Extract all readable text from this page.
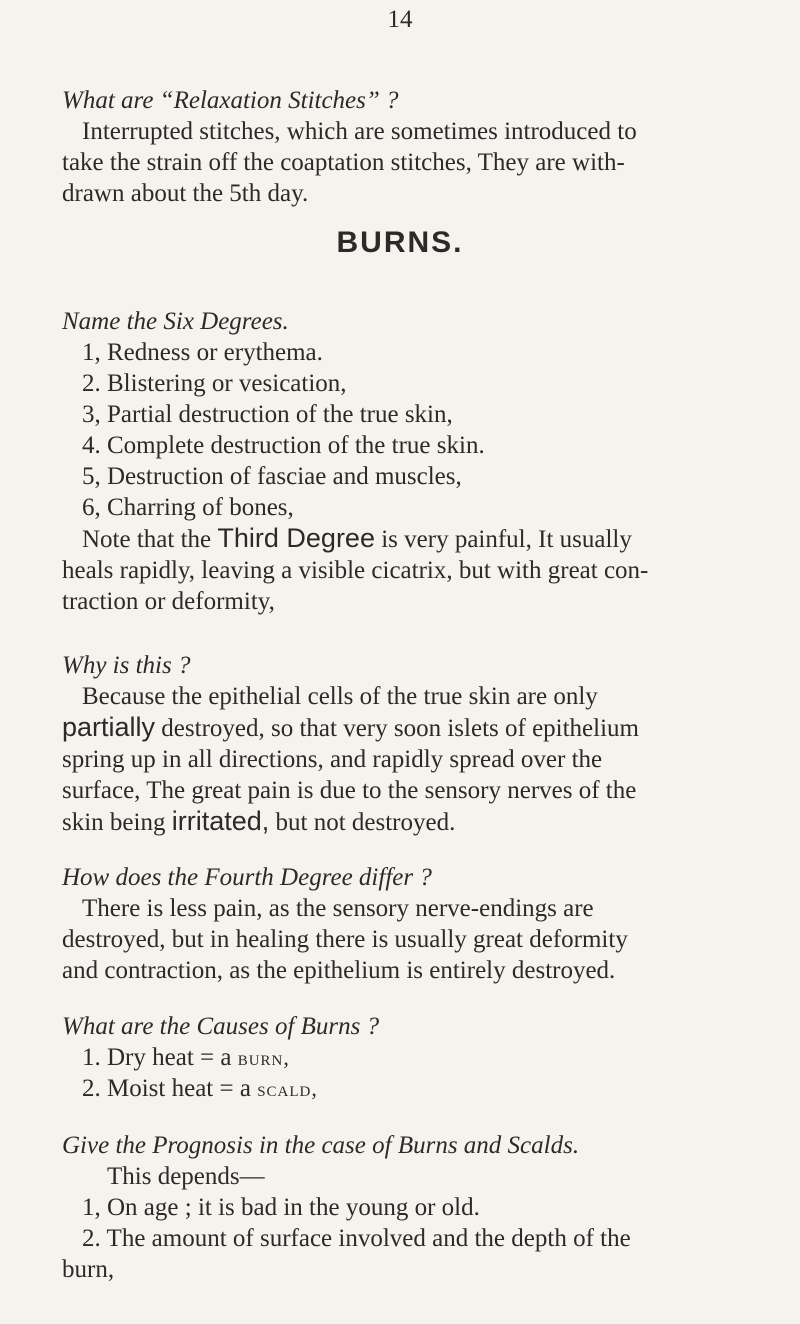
14
What are “Relaxation Stitches” ?
Interrupted stitches, which are sometimes introduced to
take the strain off the coaptation stitches, They are with-
drawn about the 5th day.
BURNS.
Name the Six Degrees.
1, Redness or erythema.
2. Blistering or vesication,
3, Partial destruction of the true skin,
4. Complete destruction of the true skin.
5, Destruction of fasciae and muscles,
6, Charring of bones,
Note that the Third Degree is very painful, It usually
heals rapidly, leaving a visible cicatrix, but with great con-
traction or deformity,
Why is this ?
Because the epithelial cells of the true skin are only
partially destroyed, so that very soon islets of epithelium
spring up in all directions, and rapidly spread over the
surface, The great pain is due to the sensory nerves of the
skin being irritated, but not destroyed.
How does the Fourth Degree differ ?
There is less pain, as the sensory nerve-endings are
destroyed, but in healing there is usually great deformity
and contraction, as the epithelium is entirely destroyed.
What are the Causes of Burns ?
1. Dry heat = a burn,
2. Moist heat = a scald,
Give the Prognosis in the case of Burns and Scalds.
This depends—
1, On age ; it is bad in the young or old.
2. The amount of surface involved and the depth of the
burn,
